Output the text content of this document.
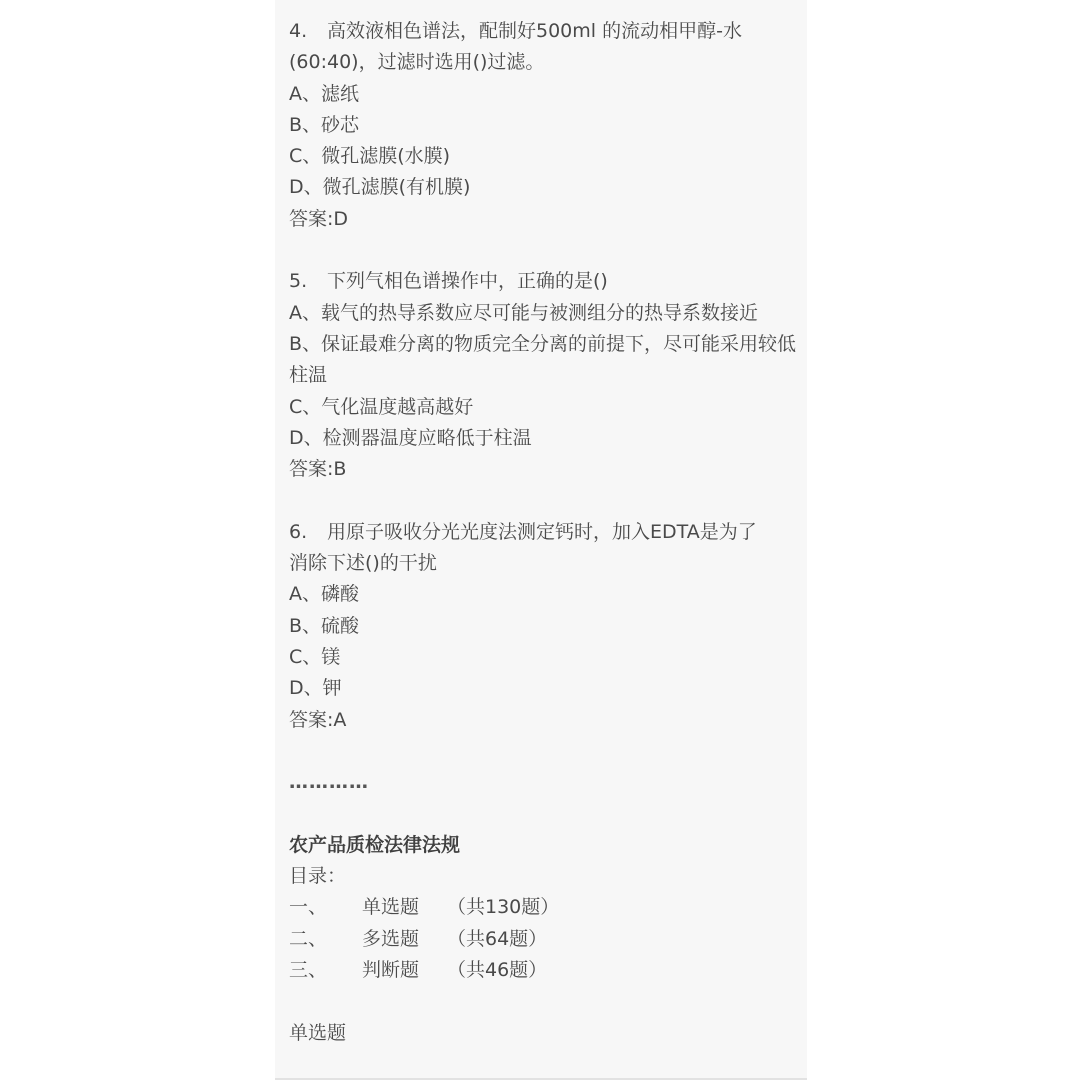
4.	高效液相色谱法，配制好500ml 的流动相甲醇-水

(60:40)，过滤时选用()过滤。

A、滤纸

B、砂芯

C、微孔滤膜(水膜)

D、微孔滤膜(有机膜)

答案:D

5.	下列气相色谱操作中，正确的是()

A、载气的热导系数应尽可能与被测组分的热导系数接近

B、保证最难分离的物质完全分离的前提下，尽可能采用较低柱温

C、气化温度越高越好

D、检测器温度应略低于柱温

答案:B

6.	用原子吸收分光光度法测定钙时，加入EDTA是为了

消除下述()的干扰

A、磷酸

B、硫酸

C、镁

D、钾

答案:A

…………

农产品质检法律法规

目录：

一、	单选题	（共130题）
二、	多选题	（共64题）
三、	判断题	（共46题）

单选题
